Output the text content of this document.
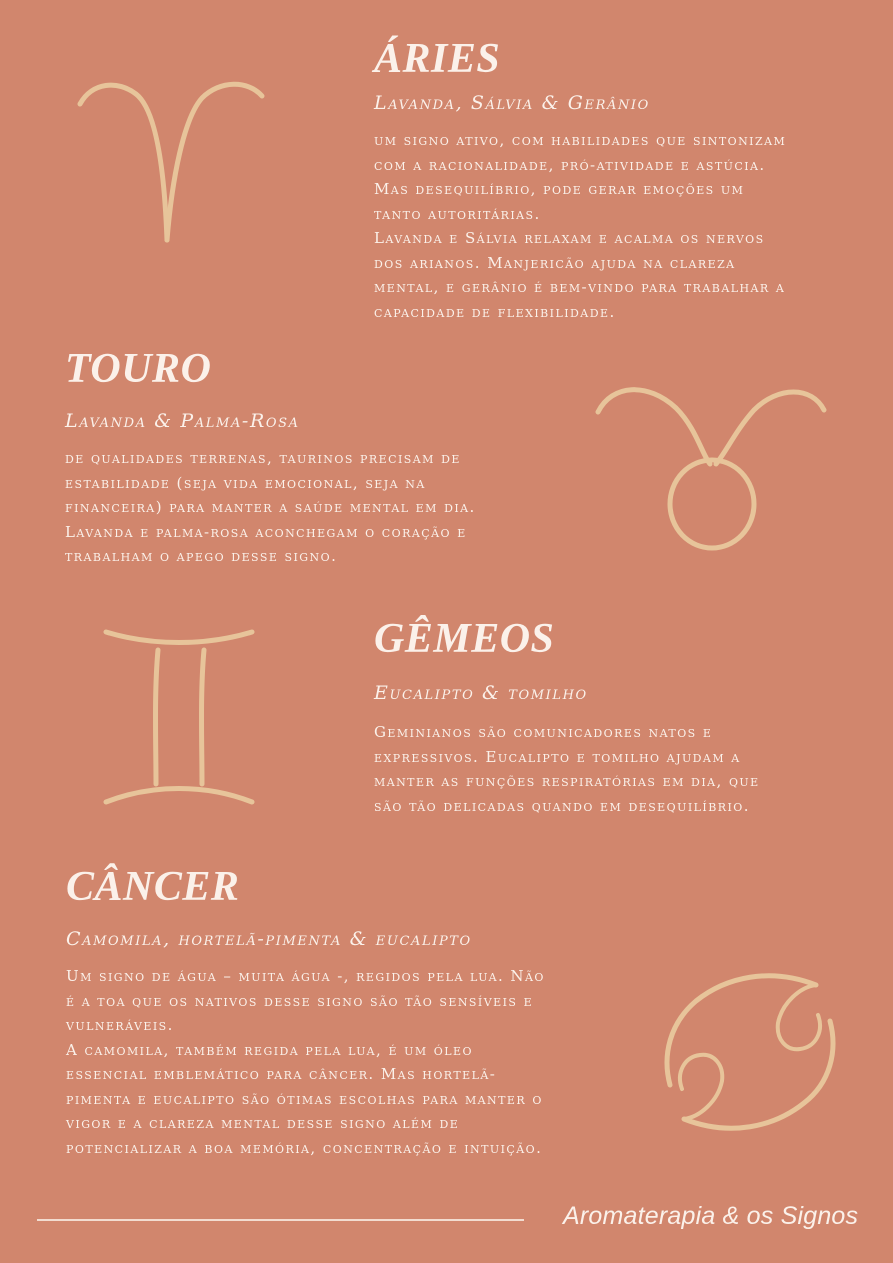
ÁRIES

Lavanda, Sálvia & Gerânio

um signo ativo, com habilidades que sintonizam
com a racionalidade, pró-atividade e astúcia.
Mas desequilíbrio, pode gerar emoções um
tanto autoritárias.
Lavanda e Sálvia relaxam e acalma os nervos
dos arianos. Manjericão ajuda na clareza
mental, e gerânio é bem-vindo para trabalhar a
capacidade de flexibilidade.

TOURO

Lavanda & Palma-Rosa

de qualidades terrenas, taurinos precisam de
estabilidade (seja vida emocional, seja na
financeira) para manter a saúde mental em dia.
Lavanda e palma-rosa aconchegam o coração e
trabalham o apego desse signo.

GÊMEOS

Eucalipto & tomilho

Geminianos são comunicadores natos e
expressivos. Eucalipto e tomilho ajudam a
manter as funções respiratórias em dia, que
são tão delicadas quando em desequilíbrio.

CÂNCER

Camomila, hortelã-pimenta & eucalipto

Um signo de água – muita água -, regidos pela lua. Não
é a toa que os nativos desse signo são tão sensíveis e
vulneráveis.
A camomila, também regida pela lua, é um óleo
essencial emblemático para câncer. Mas hortelã-
pimenta e eucalipto são ótimas escolhas para manter o
vigor e a clareza mental desse signo além de
potencializar a boa memória, concentração e intuição.

Aromaterapia & os Signos
